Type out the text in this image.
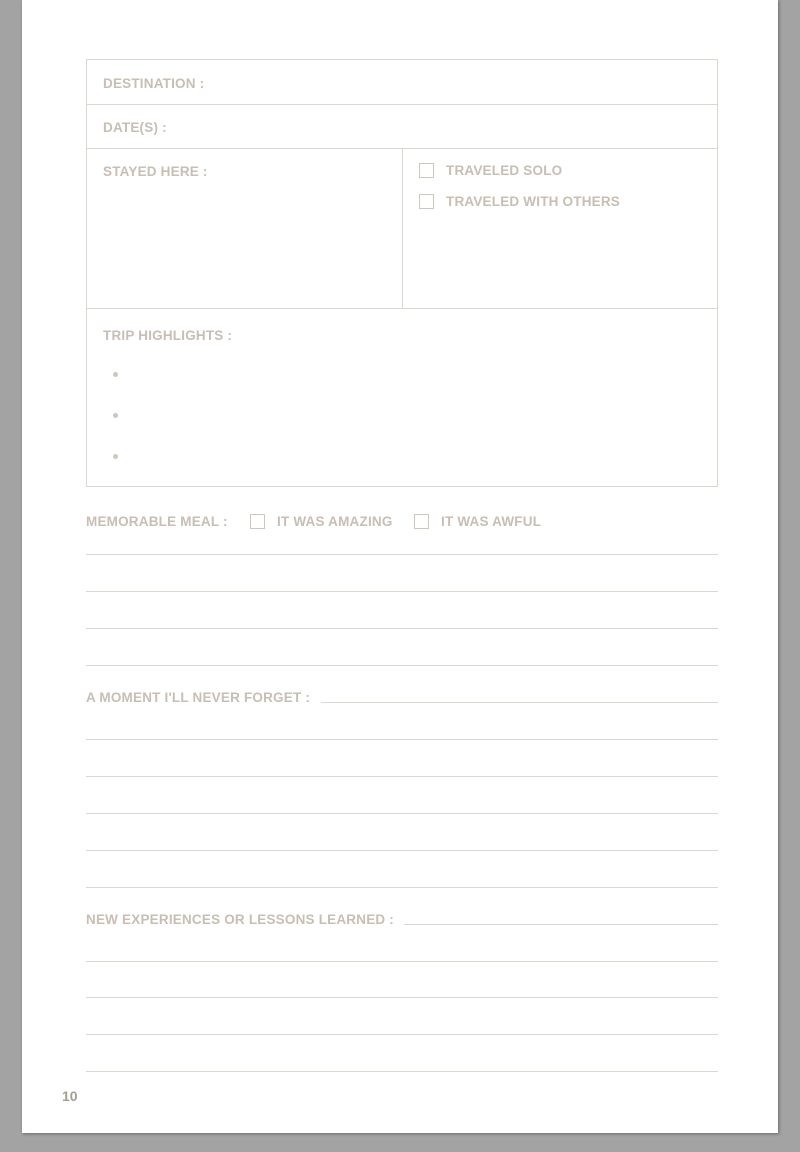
DESTINATION :
DATE(S) :
STAYED HERE :	TRAVELED SOLO
TRAVELED WITH OTHERS
TRIP HIGHLIGHTS :
MEMORABLE MEAL :	IT WAS AMAZING	IT WAS AWFUL
A MOMENT I'LL NEVER FORGET :
NEW EXPERIENCES OR LESSONS LEARNED :
10
